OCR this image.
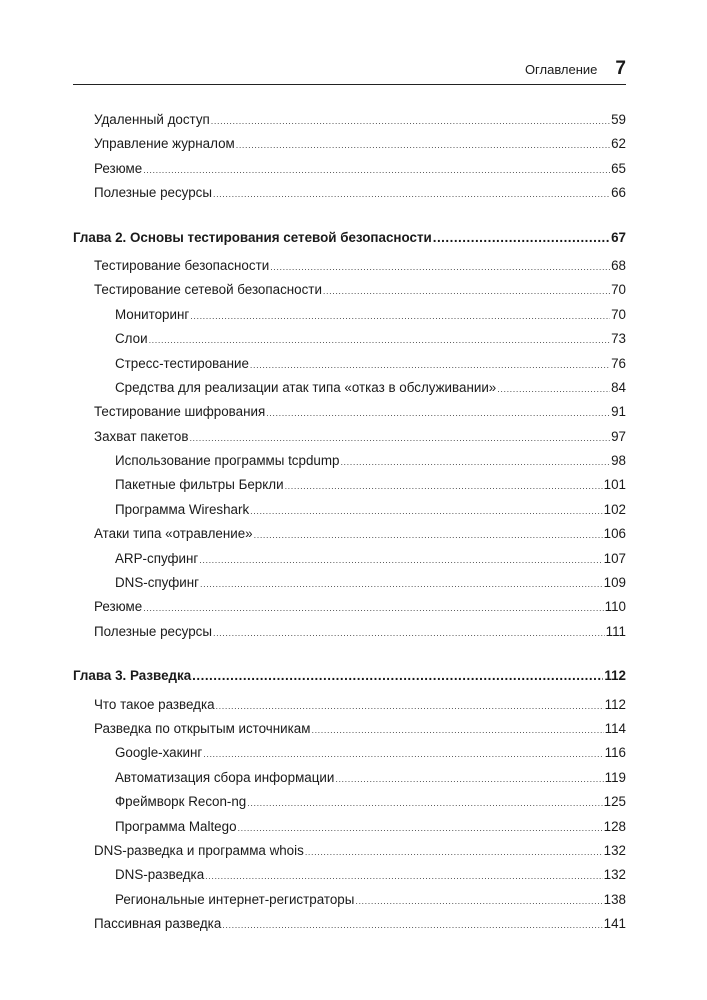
Оглавление 7
Удаленный доступ .....	59
Управление журналом .....	62
Резюме .....	65
Полезные ресурсы .....	66
Глава 2. Основы тестирования сетевой безопасности .....	67
Тестирование безопасности .....	68
Тестирование сетевой безопасности .....	70
Мониторинг .....	70
Слои .....	73
Стресс-тестирование .....	76
Средства для реализации атак типа «отказ в обслуживании» .....	84
Тестирование шифрования .....	91
Захват пакетов .....	97
Использование программы tcpdump .....	98
Пакетные фильтры Беркли .....	101
Программа Wireshark .....	102
Атаки типа «отравление» .....	106
ARP-спуфинг .....	107
DNS-спуфинг .....	109
Резюме .....	110
Полезные ресурсы .....	111
Глава 3. Разведка .....	112
Что такое разведка .....	112
Разведка по открытым источникам .....	114
Google-хакинг .....	116
Автоматизация сбора информации .....	119
Фреймворк Recon-ng .....	125
Программа Maltego .....	128
DNS-разведка и программа whois .....	132
DNS-разведка .....	132
Региональные интернет-регистраторы .....	138
Пассивная разведка .....	141
